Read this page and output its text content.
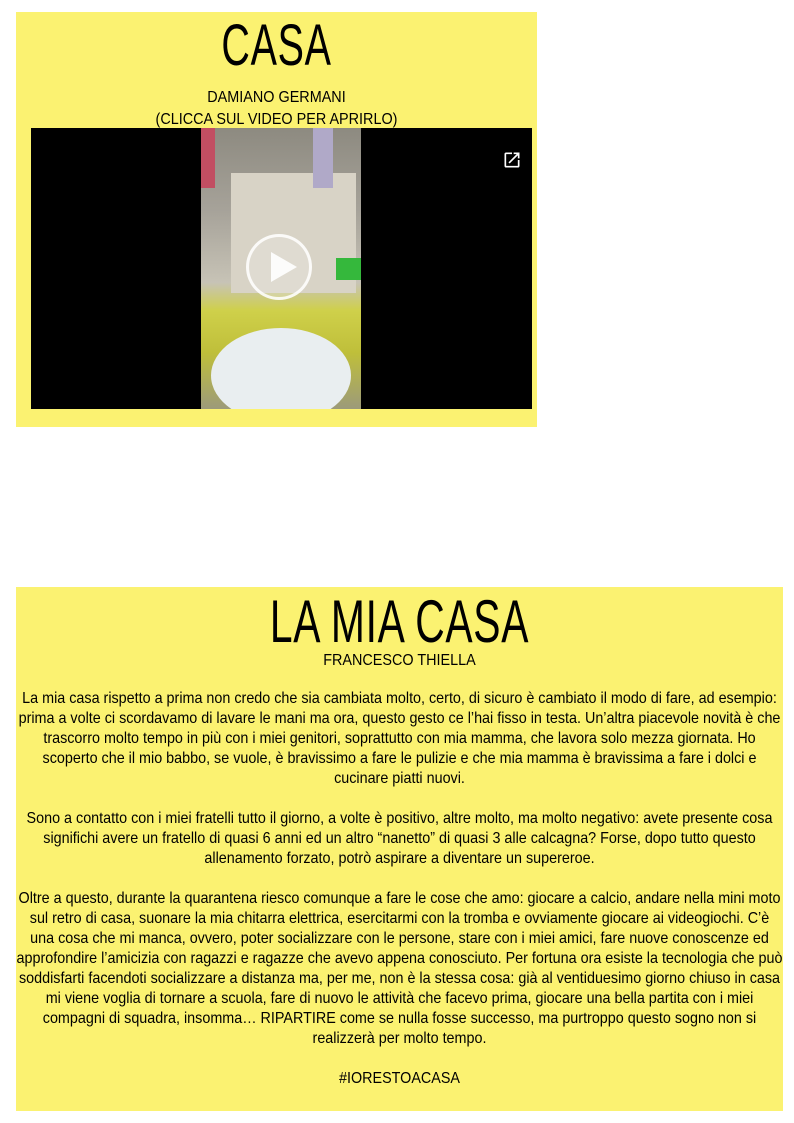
CASA
DAMIANO GERMANI
(CLICCA SUL VIDEO PER APRIRLO)
LA MIA CASA
FRANCESCO THIELLA

La mia casa rispetto a prima non credo che sia cambiata molto, certo, di sicuro è cambiato il modo di fare, ad esempio: prima a volte ci scordavamo di lavare le mani ma ora, questo gesto ce l’hai fisso in testa. Un’altra piacevole novità è che trascorro molto tempo in più con i miei genitori, soprattutto con mia mamma, che lavora solo mezza giornata. Ho scoperto che il mio babbo, se vuole, è bravissimo a fare le pulizie e che mia mamma è bravissima a fare i dolci e cucinare piatti nuovi.

Sono a contatto con i miei fratelli tutto il giorno, a volte è positivo, altre molto, ma molto negativo: avete presente cosa significhi avere un fratello di quasi 6 anni ed un altro “nanetto” di quasi 3 alle calcagna? Forse, dopo tutto questo allenamento forzato, potrò aspirare a diventare un supereroe.

Oltre a questo, durante la quarantena riesco comunque a fare le cose che amo: giocare a calcio, andare nella mini moto sul retro di casa, suonare la mia chitarra elettrica, esercitarmi con la tromba e ovviamente giocare ai videogiochi. C’è una cosa che mi manca, ovvero, poter socializzare con le persone, stare con i miei amici, fare nuove conoscenze ed approfondire l’amicizia con ragazzi e ragazze che avevo appena conosciuto. Per fortuna ora esiste la tecnologia che può soddisfarti facendoti socializzare a distanza ma, per me, non è la stessa cosa: già al ventiduesimo giorno chiuso in casa mi viene voglia di tornare a scuola, fare di nuovo le attività che facevo prima, giocare una bella partita con i miei compagni di squadra, insomma… RIPARTIRE come se nulla fosse successo, ma purtroppo questo sogno non si realizzerà per molto tempo.

#IORESTOACASA
